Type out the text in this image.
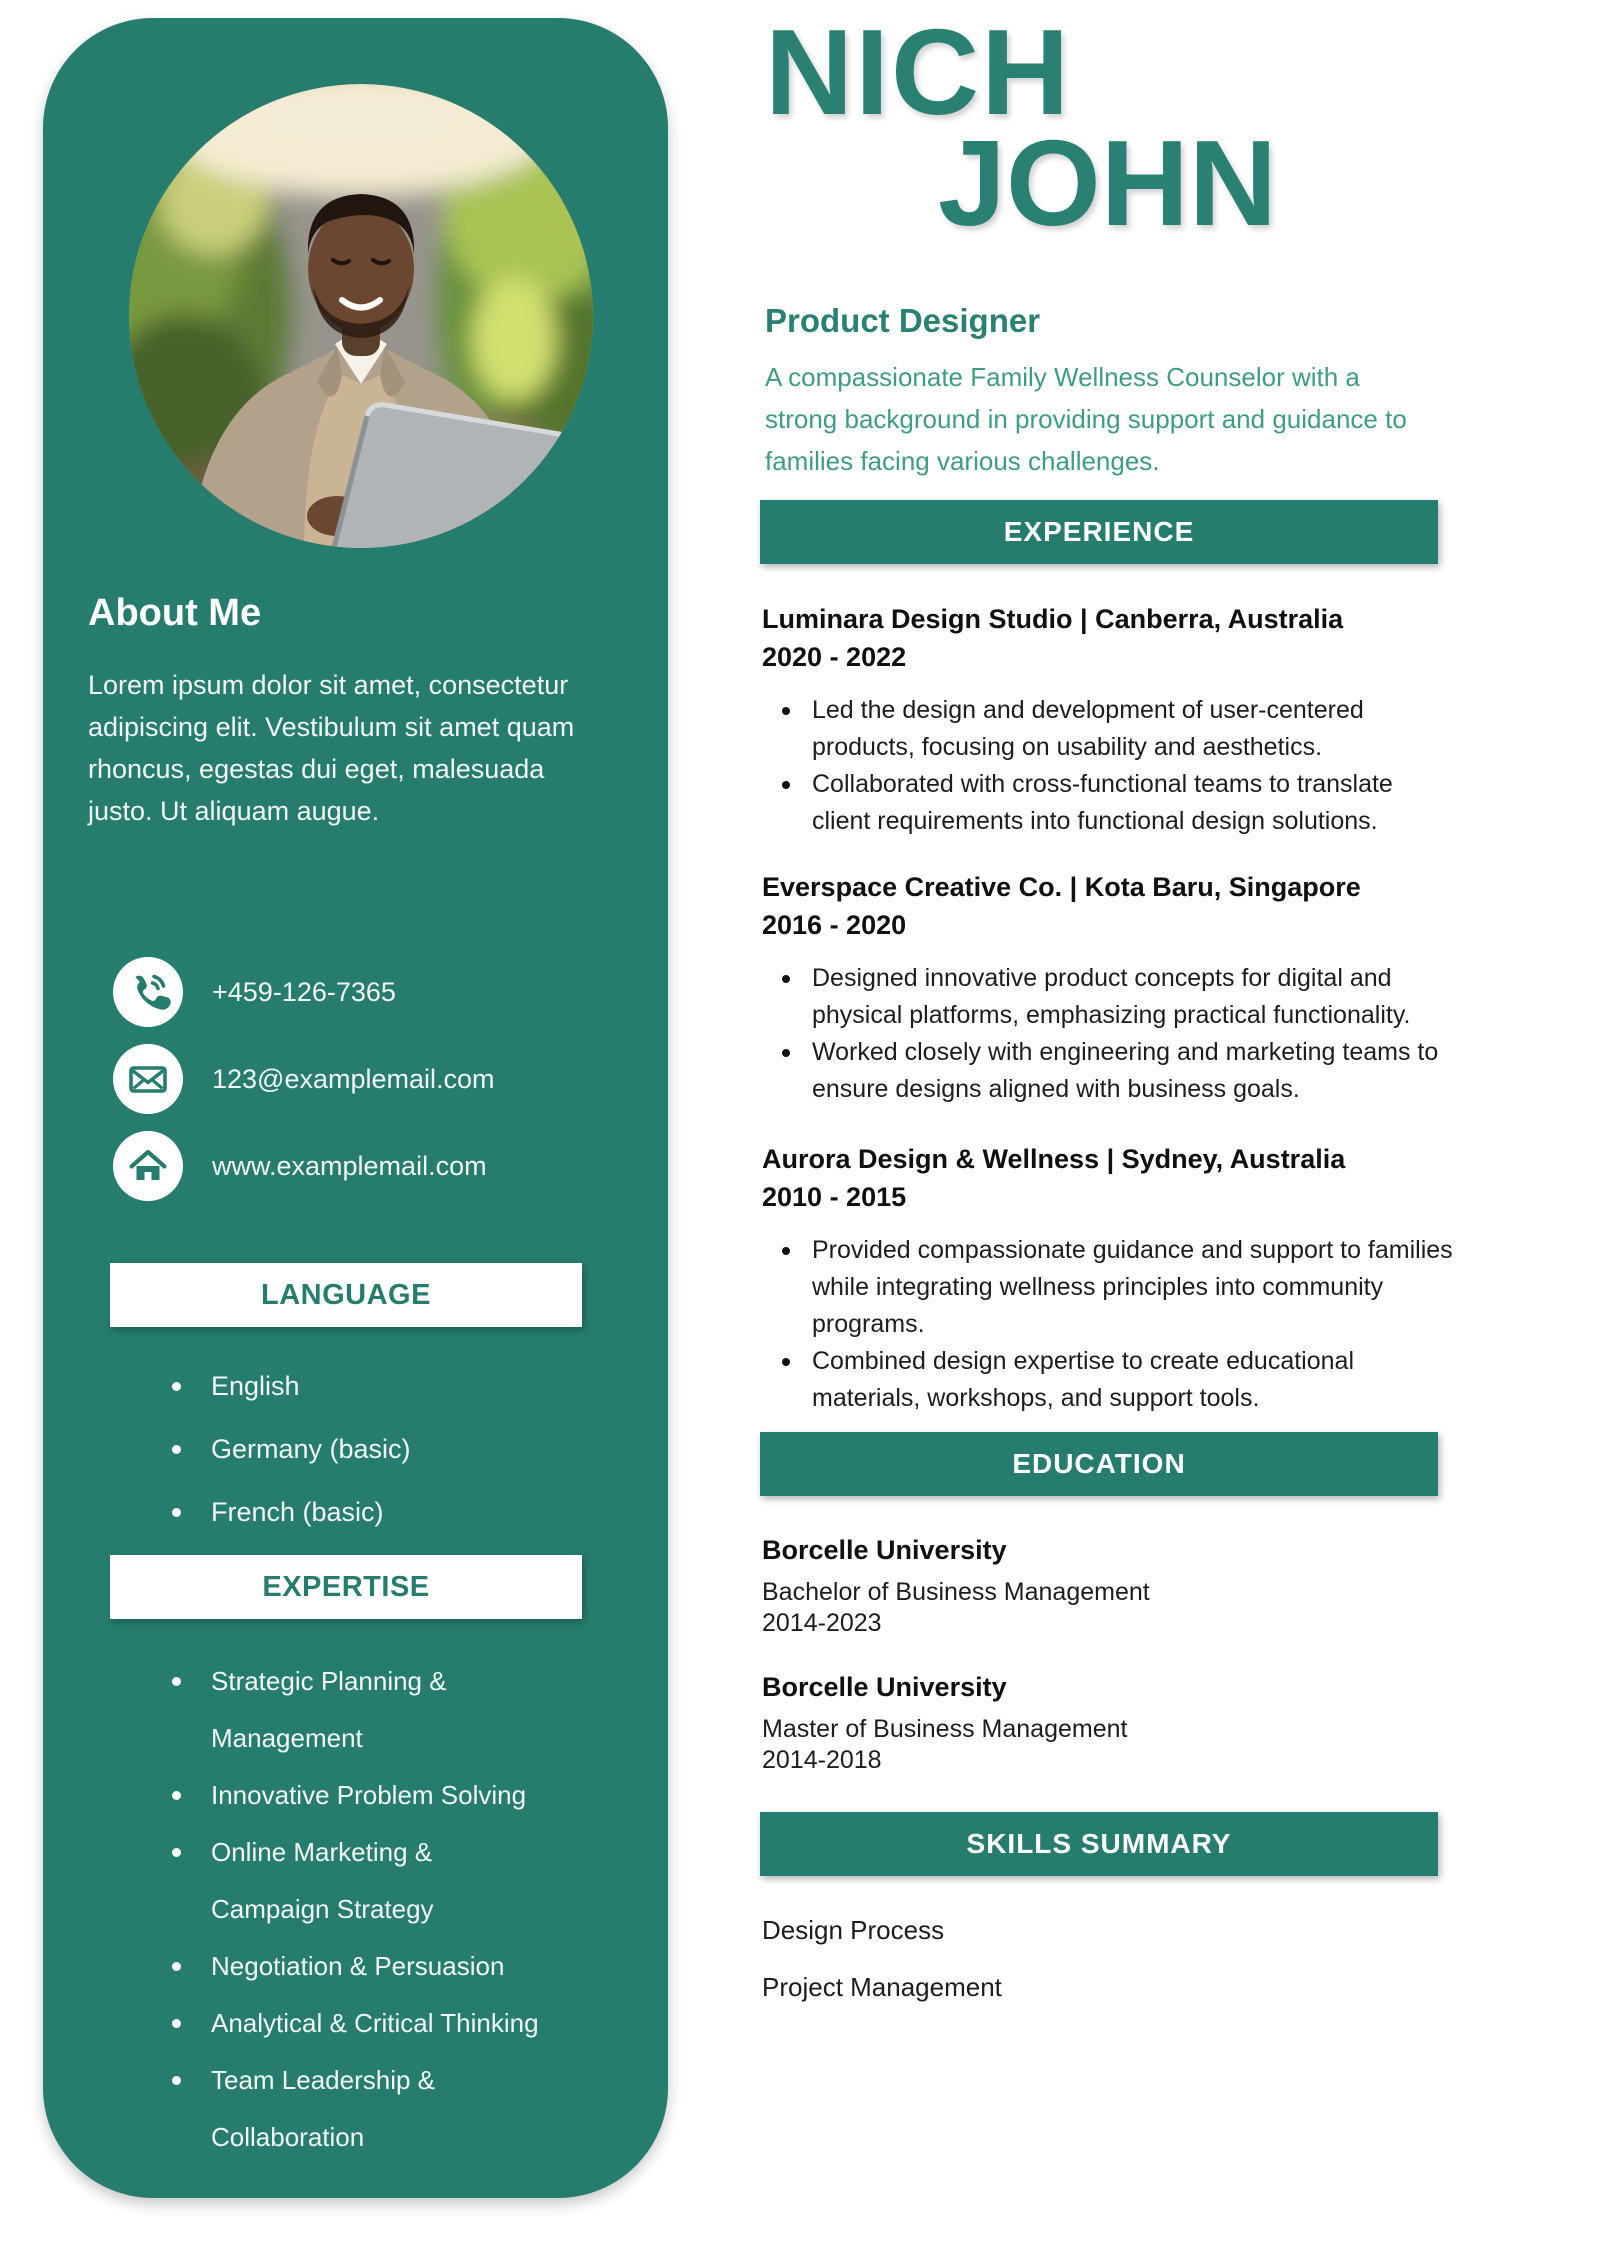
About Me
Lorem ipsum dolor sit amet, consectetur
adipiscing elit. Vestibulum sit amet quam
rhoncus, egestas dui eget, malesuada
justo. Ut aliquam augue.
+459-126-7365
123@examplemail.com
www.examplemail.com
LANGUAGE
English
Germany (basic)
French (basic)
EXPERTISE
Strategic Planning &
Management
Innovative Problem Solving
Online Marketing &
Campaign Strategy
Negotiation & Persuasion
Analytical & Critical Thinking
Team Leadership &
Collaboration
NICH
JOHN
Product Designer
A compassionate Family Wellness Counselor with a
strong background in providing support and guidance to
families facing various challenges.
EXPERIENCE
Luminara Design Studio | Canberra, Australia
2020 - 2022
Led the design and development of user-centered
products, focusing on usability and aesthetics.
Collaborated with cross-functional teams to translate
client requirements into functional design solutions.
Everspace Creative Co. | Kota Baru, Singapore
2016 - 2020
Designed innovative product concepts for digital and
physical platforms, emphasizing practical functionality.
Worked closely with engineering and marketing teams to
ensure designs aligned with business goals.
Aurora Design & Wellness | Sydney, Australia
2010 - 2015
Provided compassionate guidance and support to families
while integrating wellness principles into community
programs.
Combined design expertise to create educational
materials, workshops, and support tools.
EDUCATION
Borcelle University
Bachelor of Business Management
2014-2023
Borcelle University
Master of Business Management
2014-2018
SKILLS SUMMARY
Design Process
Project Management
